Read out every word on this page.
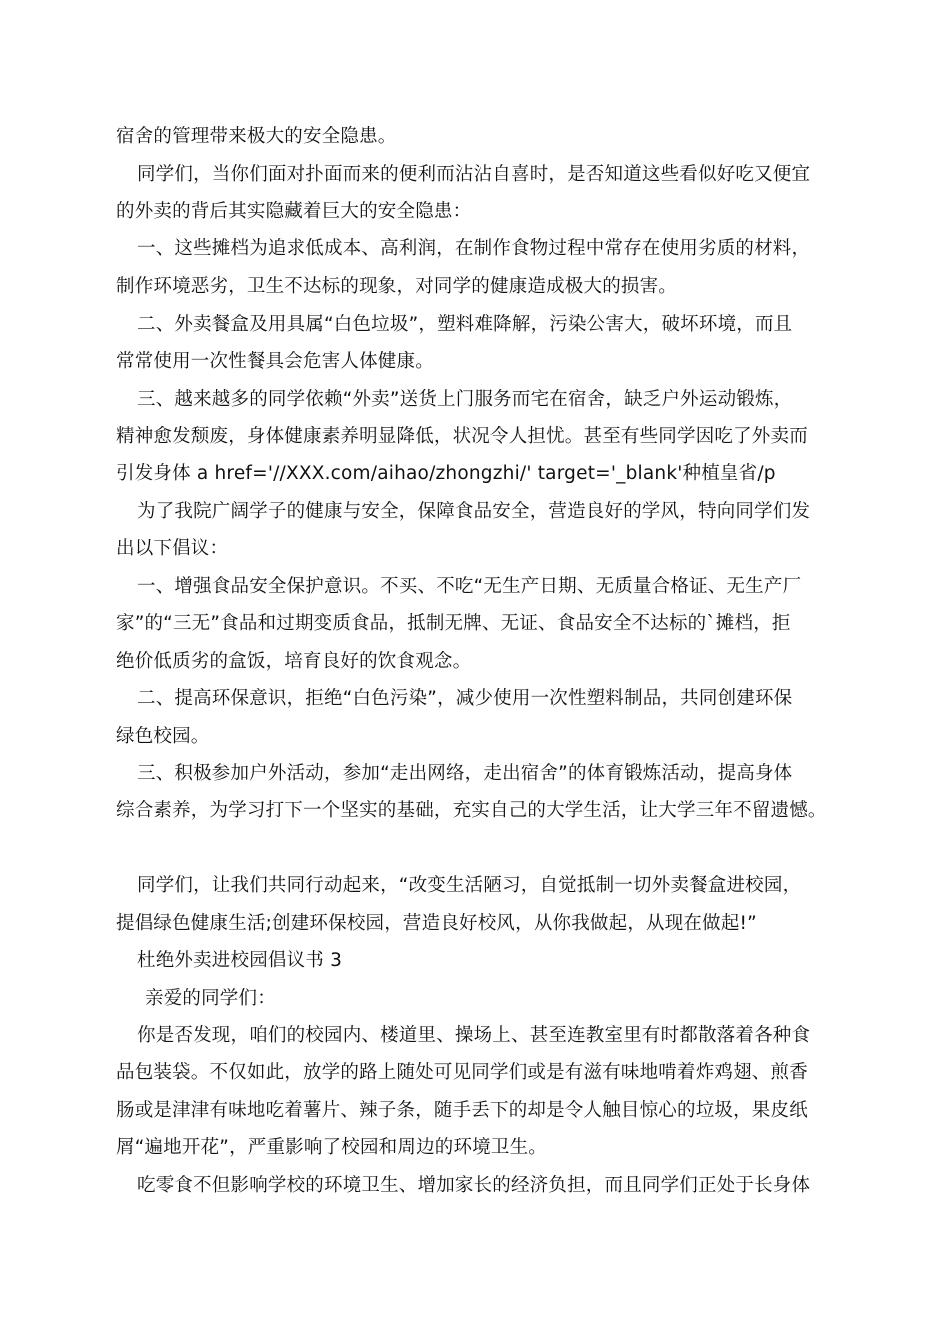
宿舍的管理带来极大的安全隐患。
同学们，当你们面对扑面而来的便利而沾沾自喜时，是否知道这些看似好吃又便宜
的外卖的背后其实隐藏着巨大的安全隐患：
一、这些摊档为追求低成本、高利润，在制作食物过程中常存在使用劣质的材料，
制作环境恶劣，卫生不达标的现象，对同学的健康造成极大的损害。
二、外卖餐盒及用具属“白色垃圾”，塑料难降解，污染公害大，破坏环境，而且
常常使用一次性餐具会危害人体健康。
三、越来越多的同学依赖“外卖”送货上门服务而宅在宿舍，缺乏户外运动锻炼，
精神愈发颓废，身体健康素养明显降低，状况令人担忧。甚至有些同学因吃了外卖而
引发身体 a href='//XXX.com/aihao/zhongzhi/' target='_blank'种植皇省/p
为了我院广阔学子的健康与安全，保障食品安全，营造良好的学风，特向同学们发
出以下倡议：
一、增强食品安全保护意识。不买、不吃“无生产日期、无质量合格证、无生产厂
家”的“三无”食品和过期变质食品，抵制无牌、无证、食品安全不达标的`摊档，拒
绝价低质劣的盒饭，培育良好的饮食观念。
二、提高环保意识，拒绝“白色污染”，减少使用一次性塑料制品，共同创建环保
绿色校园。
三、积极参加户外活动，参加“走出网络，走出宿舍”的体育锻炼活动，提高身体
综合素养，为学习打下一个坚实的基础，充实自己的大学生活，让大学三年不留遗憾。
同学们，让我们共同行动起来，“改变生活陋习，自觉抵制一切外卖餐盒进校园，
提倡绿色健康生活;创建环保校园，营造良好校风，从你我做起，从现在做起!”
杜绝外卖进校园倡议书 3
亲爱的同学们：
你是否发现，咱们的校园内、楼道里、操场上、甚至连教室里有时都散落着各种食
品包装袋。不仅如此，放学的路上随处可见同学们或是有滋有味地啃着炸鸡翅、煎香
肠或是津津有味地吃着薯片、辣子条，随手丢下的却是令人触目惊心的垃圾，果皮纸
屑“遍地开花”，严重影响了校园和周边的环境卫生。
吃零食不但影响学校的环境卫生、增加家长的经济负担，而且同学们正处于长身体
